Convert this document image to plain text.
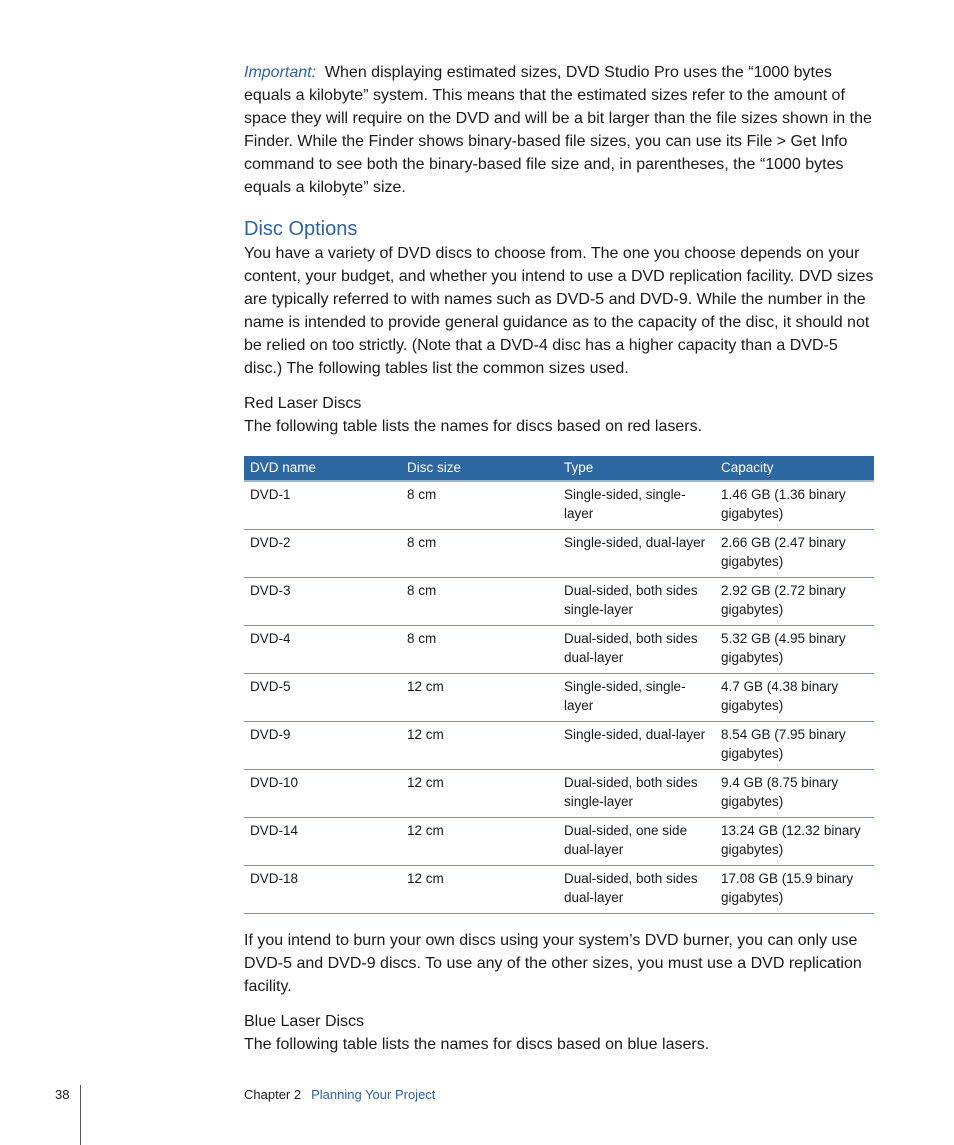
Important: When displaying estimated sizes, DVD Studio Pro uses the “1000 bytes equals a kilobyte” system. This means that the estimated sizes refer to the amount of space they will require on the DVD and will be a bit larger than the file sizes shown in the Finder. While the Finder shows binary-based file sizes, you can use its File > Get Info command to see both the binary-based file size and, in parentheses, the “1000 bytes equals a kilobyte” size.

Disc Options

You have a variety of DVD discs to choose from. The one you choose depends on your content, your budget, and whether you intend to use a DVD replication facility. DVD sizes are typically referred to with names such as DVD-5 and DVD-9. While the number in the name is intended to provide general guidance as to the capacity of the disc, it should not be relied on too strictly. (Note that a DVD-4 disc has a higher capacity than a DVD-5 disc.) The following tables list the common sizes used.

Red Laser Discs

The following table lists the names for discs based on red lasers.

DVD name	Disc size	Type	Capacity
DVD-1	8 cm	Single-sided, single-layer	1.46 GB (1.36 binary gigabytes)
DVD-2	8 cm	Single-sided, dual-layer	2.66 GB (2.47 binary gigabytes)
DVD-3	8 cm	Dual-sided, both sides single-layer	2.92 GB (2.72 binary gigabytes)
DVD-4	8 cm	Dual-sided, both sides dual-layer	5.32 GB (4.95 binary gigabytes)
DVD-5	12 cm	Single-sided, single-layer	4.7 GB (4.38 binary gigabytes)
DVD-9	12 cm	Single-sided, dual-layer	8.54 GB (7.95 binary gigabytes)
DVD-10	12 cm	Dual-sided, both sides single-layer	9.4 GB (8.75 binary gigabytes)
DVD-14	12 cm	Dual-sided, one side dual-layer	13.24 GB (12.32 binary gigabytes)
DVD-18	12 cm	Dual-sided, both sides dual-layer	17.08 GB (15.9 binary gigabytes)

If you intend to burn your own discs using your system’s DVD burner, you can only use DVD-5 and DVD-9 discs. To use any of the other sizes, you must use a DVD replication facility.

Blue Laser Discs

The following table lists the names for discs based on blue lasers.

38	Chapter 2 Planning Your Project
